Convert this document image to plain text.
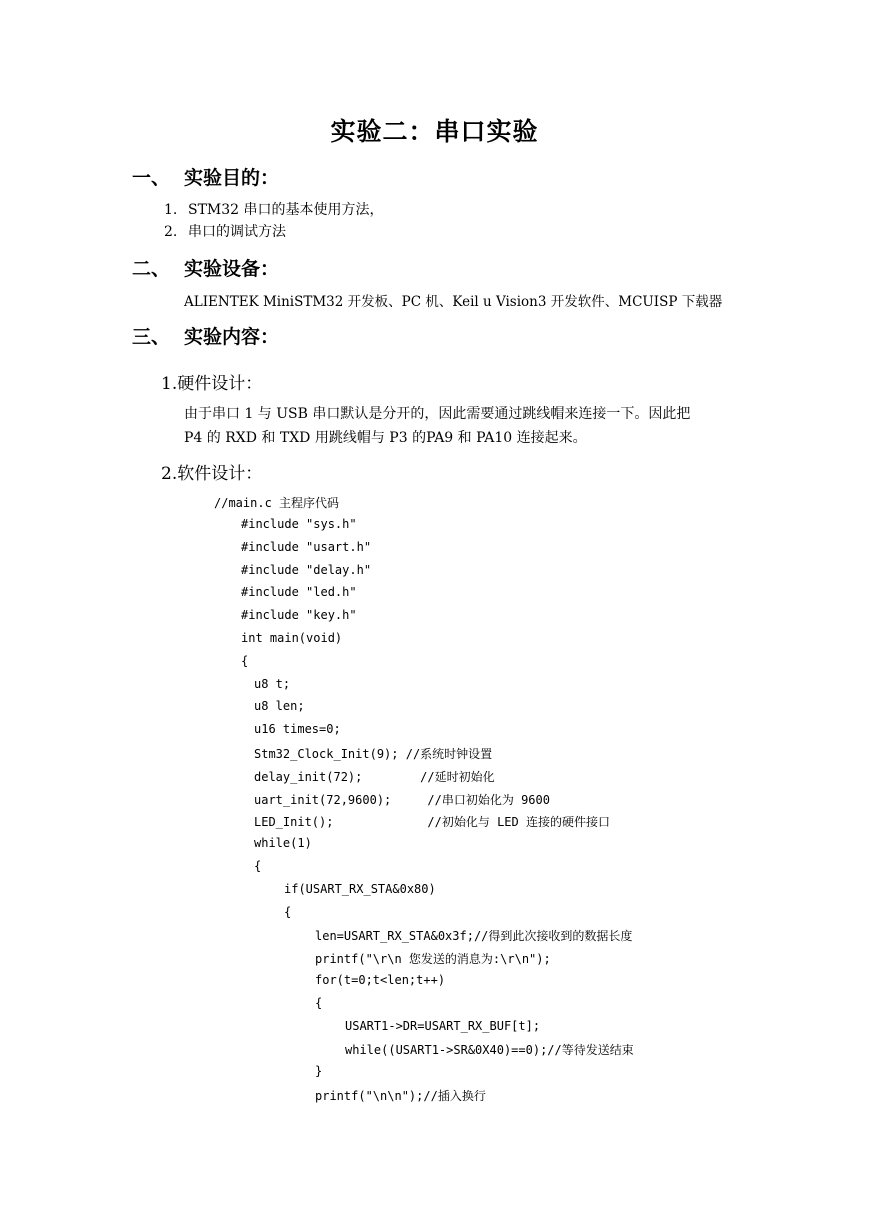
实验二：串口实验
一、 实验目的：
1. STM32 串口的基本使用方法，
2. 串口的调试方法
二、 实验设备：
ALIENTEK MiniSTM32 开发板、PC 机、Keil u Vision3 开发软件、MCUISP 下载器
三、 实验内容：
1.硬件设计：
由于串口 1 与 USB 串口默认是分开的，因此需要通过跳线帽来连接一下。因此把
P4 的 RXD 和 TXD 用跳线帽与 P3 的PA9 和 PA10 连接起来。
2.软件设计：
//main.c 主程序代码
#include "sys.h"
#include "usart.h"
#include "delay.h"
#include "led.h"
#include "key.h"
int main(void)
{
u8 t;
u8 len;
u16 times=0;
Stm32_Clock_Init(9); //系统时钟设置
delay_init(72);        //延时初始化
uart_init(72,9600);     //串口初始化为 9600
LED_Init();             //初始化与 LED 连接的硬件接口
while(1)
{
if(USART_RX_STA&0x80)
{
len=USART_RX_STA&0x3f;//得到此次接收到的数据长度
printf("\r\n 您发送的消息为:\r\n");
for(t=0;t<len;t++)
{
USART1->DR=USART_RX_BUF[t];
while((USART1->SR&0X40)==0);//等待发送结束
}
printf("\n\n");//插入换行
